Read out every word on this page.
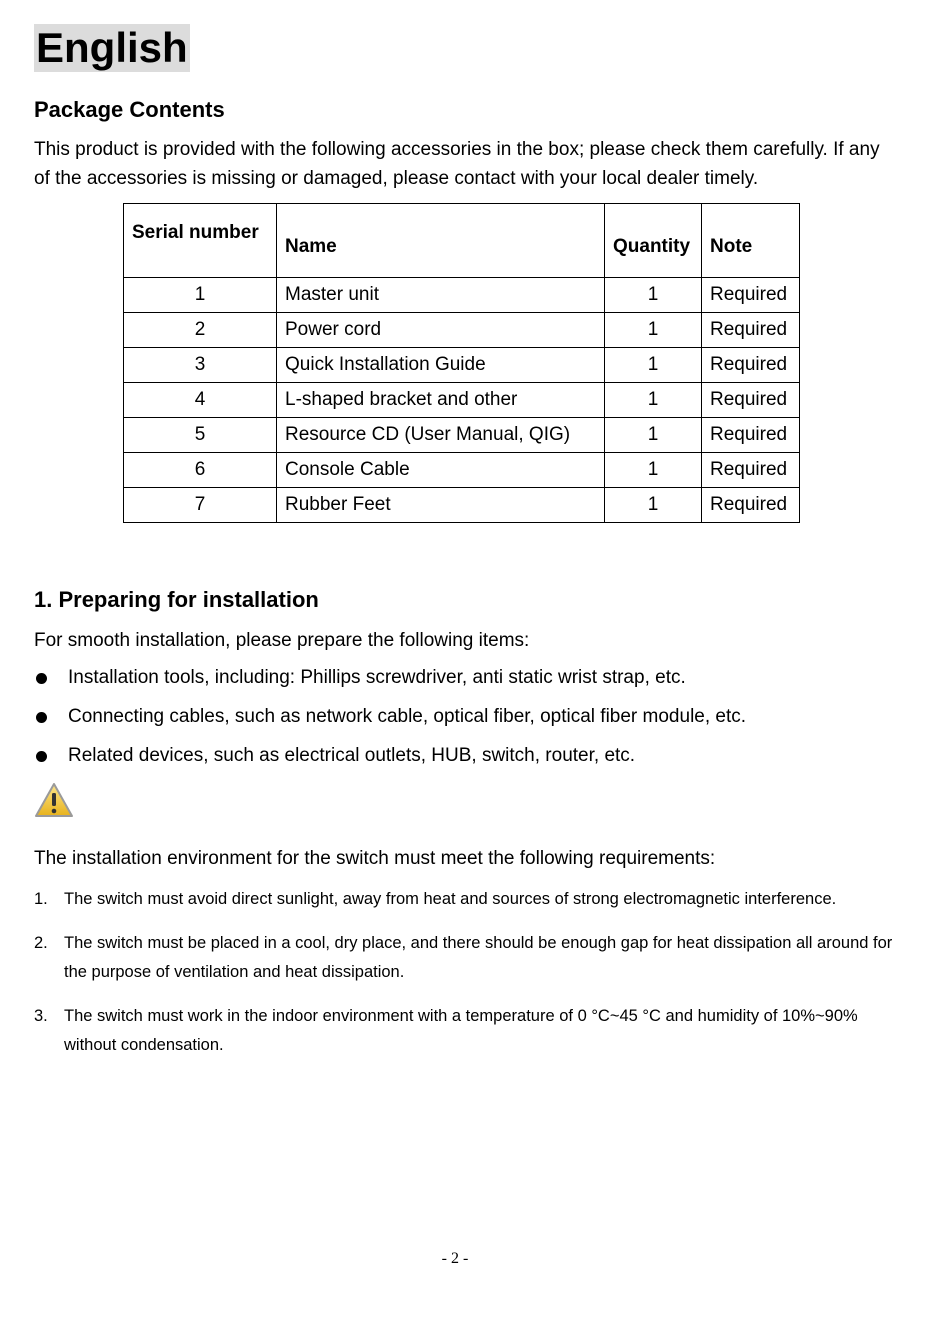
English
Package Contents
This product is provided with the following accessories in the box; please check them carefully. If any of the accessories is missing or damaged, please contact with your local dealer timely.
Serial number	Name	Quantity	Note
1	Master unit	1	Required
2	Power cord	1	Required
3	Quick Installation Guide	1	Required
4	L-shaped bracket and other	1	Required
5	Resource CD (User Manual, QIG)	1	Required
6	Console Cable	1	Required
7	Rubber Feet	1	Required
1. Preparing for installation
For smooth installation, please prepare the following items:
Installation tools, including: Phillips screwdriver, anti static wrist strap, etc.
Connecting cables, such as network cable, optical fiber, optical fiber module, etc.
Related devices, such as electrical outlets, HUB, switch, router, etc.
The installation environment for the switch must meet the following requirements:
1. The switch must avoid direct sunlight, away from heat and sources of strong electromagnetic interference.
2. The switch must be placed in a cool, dry place, and there should be enough gap for heat dissipation all around for the purpose of ventilation and heat dissipation.
3. The switch must work in the indoor environment with a temperature of 0 °C~45 °C and humidity of 10%~90% without condensation.
- 2 -
